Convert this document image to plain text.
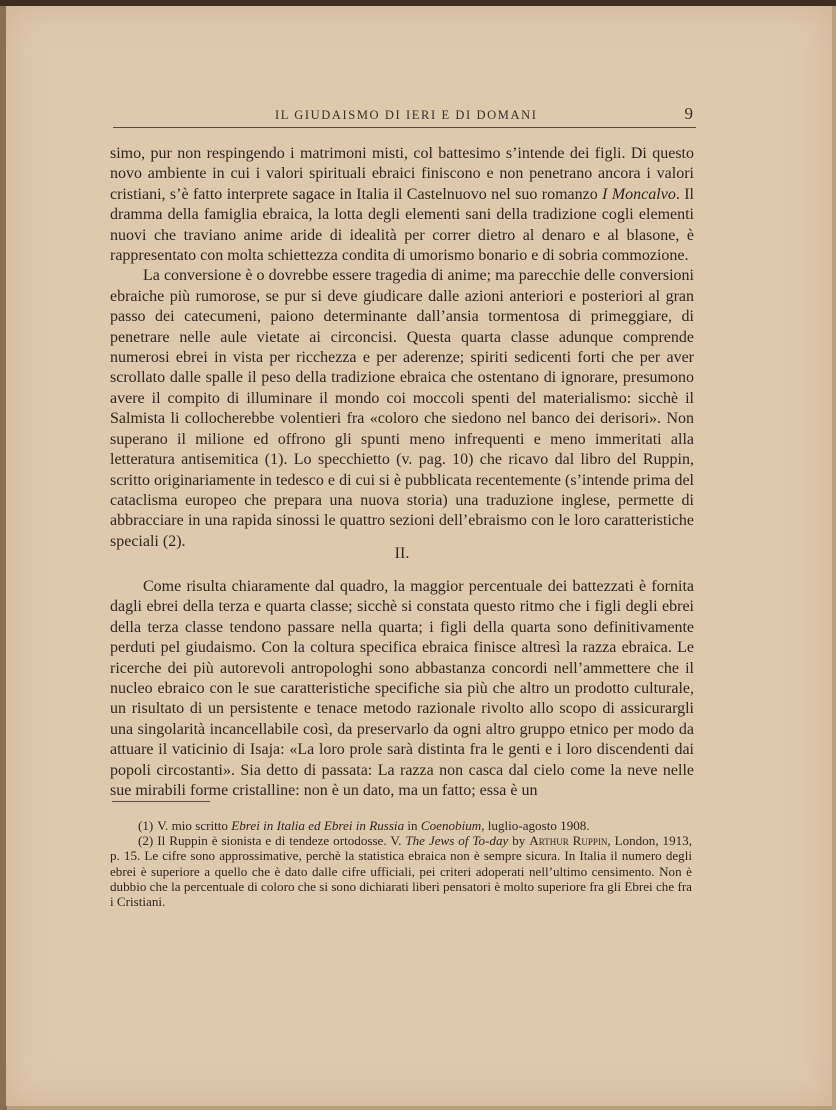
IL GIUDAISMO DI IERI E DI DOMANI	9

simo, pur non respingendo i matrimoni misti, col battesimo s’intende dei figli. Di questo novo ambiente in cui i valori spirituali ebraici finiscono e non penetrano ancora i valori cristiani, s’è fatto interprete sagace in Italia il Castelnuovo nel suo romanzo I Moncalvo. Il dramma della famiglia ebraica, la lotta degli elementi sani della tradizione cogli elementi nuovi che traviano anime aride di idealità per correr dietro al denaro e al blasone, è rappresentato con molta schiettezza condita di umorismo bonario e di sobria commozione.

La conversione è o dovrebbe essere tragedia di anime; ma parecchie delle conversioni ebraiche più rumorose, se pur si deve giudicare dalle azioni anteriori e posteriori al gran passo dei catecumeni, paiono determinante dall’ansia tormentosa di primeggiare, di penetrare nelle aule vietate ai circoncisi. Questa quarta classe adunque comprende numerosi ebrei in vista per ricchezza e per aderenze; spiriti sedicenti forti che per aver scrollato dalle spalle il peso della tradizione ebraica che ostentano di ignorare, presumono avere il compito di illuminare il mondo coi moccoli spenti del materialismo: sicchè il Salmista li collocherebbe volentieri fra «coloro che siedono nel banco dei derisori». Non superano il milione ed offrono gli spunti meno infrequenti e meno immeritati alla letteratura antisemitica (1). Lo specchietto (v. pag. 10) che ricavo dal libro del Ruppin, scritto originariamente in tedesco e di cui si è pubblicata recentemente (s’intende prima del cataclisma europeo che prepara una nuova storia) una traduzione inglese, permette di abbracciare in una rapida sinossi le quattro sezioni dell’ebraismo con le loro caratteristiche speciali (2).

II.

Come risulta chiaramente dal quadro, la maggior percentuale dei battezzati è fornita dagli ebrei della terza e quarta classe; sicchè si constata questo ritmo che i figli degli ebrei della terza classe tendono passare nella quarta; i figli della quarta sono definitivamente perduti pel giudaismo. Con la coltura specifica ebraica finisce altresì la razza ebraica. Le ricerche dei più autorevoli antropologhi sono abbastanza concordi nell’ammettere che il nucleo ebraico con le sue caratteristiche specifiche sia più che altro un prodotto culturale, un risultato di un persistente e tenace metodo razionale rivolto allo scopo di assicurargli una singolarità incancellabile così, da preservarlo da ogni altro gruppo etnico per modo da attuare il vaticinio di Isaja: «La loro prole sarà distinta fra le genti e i loro discendenti dai popoli circostanti». Sia detto di passata: La razza non casca dal cielo come la neve nelle sue mirabili forme cristalline: non è un dato, ma un fatto; essa è un

(1) V. mio scritto Ebrei in Italia ed Ebrei in Russia in Coenobium, luglio-agosto 1908.

(2) Il Ruppin è sionista e di tendeze ortodosse. V. The Jews of To-day by Arthur Ruppin, London, 1913, p. 15. Le cifre sono approssimative, perchè la statistica ebraica non è sempre sicura. In Italia il numero degli ebrei è superiore a quello che è dato dalle cifre ufficiali, pei criteri adoperati nell’ultimo censimento. Non è dubbio che la percentuale di coloro che si sono dichiarati liberi pensatori è molto superiore fra gli Ebrei che fra i Cristiani.
